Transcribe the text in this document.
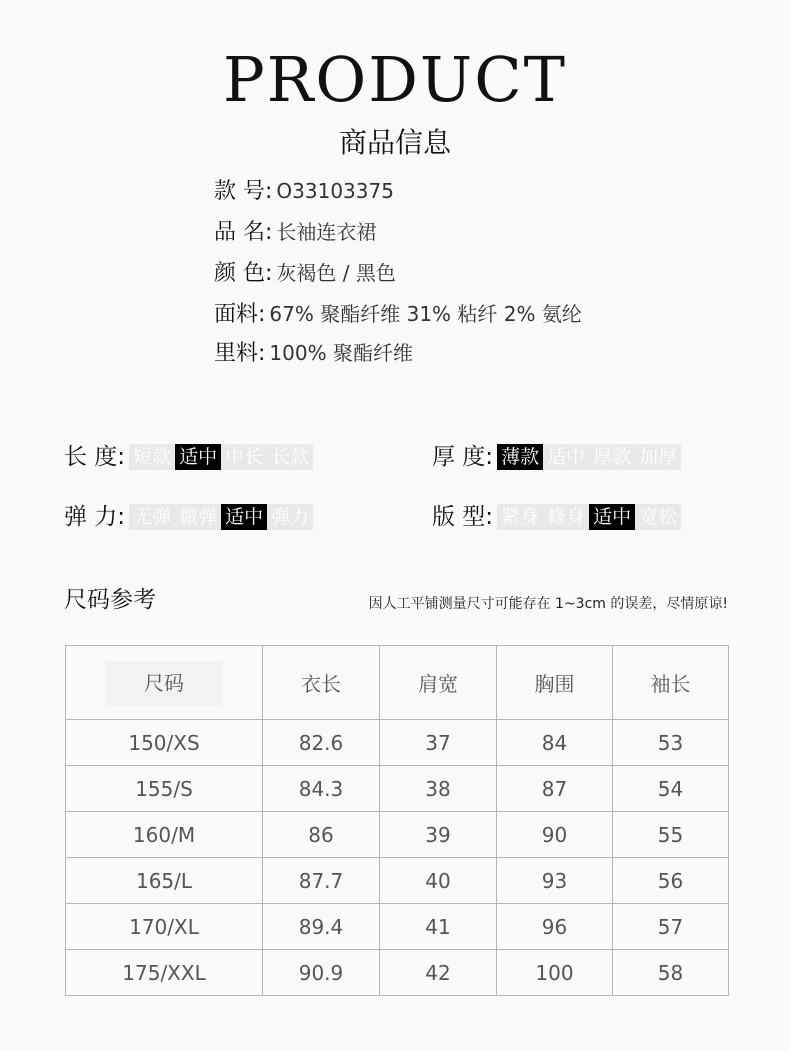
PRODUCT
商品信息
款 号: O33103375
品 名: 长袖连衣裙
颜 色: 灰褐色 / 黑色
面料: 67% 聚酯纤维 31% 粘纤 2% 氨纶
里料: 100% 聚酯纤维
长 度: 短款 适中 中长 长款	厚 度: 薄款 适中 厚款 加厚
弹 力: 无弹 微弹 适中 弹力	版 型: 紧身 修身 适中 宽松
尺码参考	因人工平铺测量尺寸可能存在 1~3cm 的误差，尽情原谅!
尺码	衣长	肩宽	胸围	袖长
150/XS	82.6	37	84	53
155/S	84.3	38	87	54
160/M	86	39	90	55
165/L	87.7	40	93	56
170/XL	89.4	41	96	57
175/XXL	90.9	42	100	58
